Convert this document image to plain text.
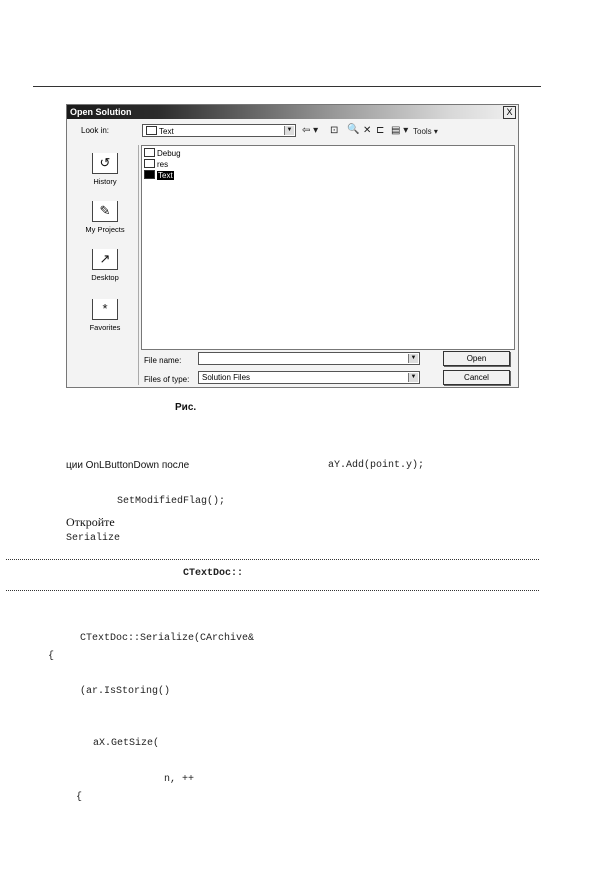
Open Solution	X
Look in:	Text	▼ ⇦ ▾ ⊡ 🔍 ✕ ⊏ ▤ ▾ Tools ▾
↺
History
✎
My Projects
↗
Desktop
*
Favorites
Debug
res
Text
File name:	▼
Files of type: Solution Files	▼
Open
Cancel
Рис.
ции OnLButtonDown после	aY.Add(point.y);
SetModifiedFlag();
Откройте
Serialize
CTextDoc::
CTextDoc::Serialize(CArchive&
{
(ar.IsStoring()
aX.GetSize(
n, ++
{
